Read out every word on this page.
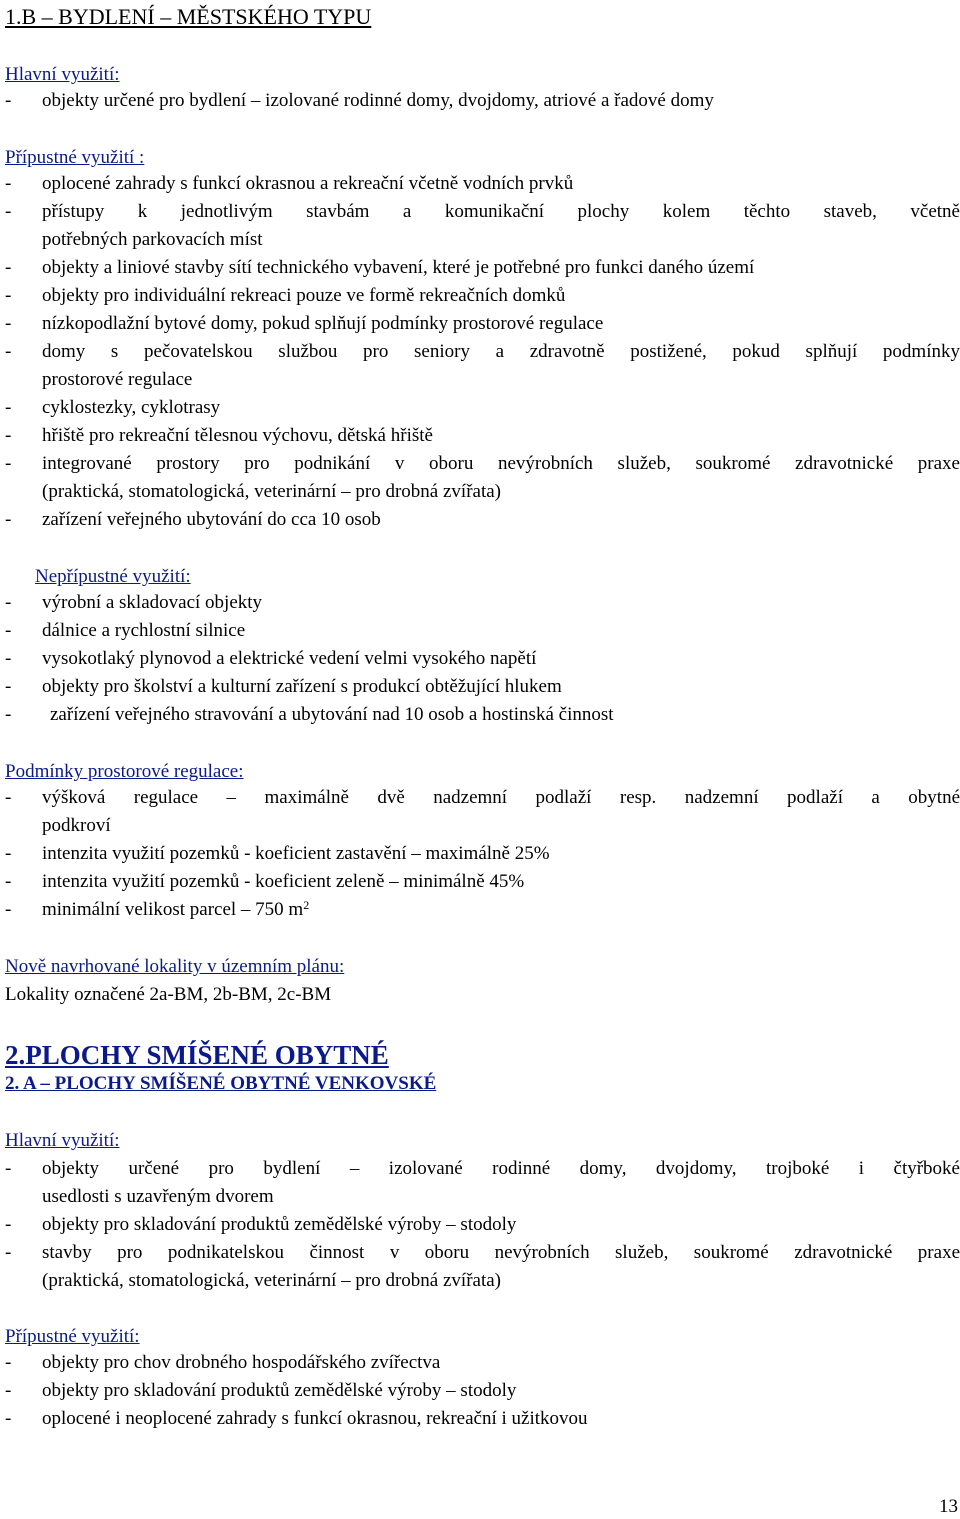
1.B – BYDLENÍ – MĚSTSKÉHO TYPU
Hlavní využití:
- objekty určené pro bydlení – izolované rodinné domy, dvojdomy, atriové a řadové domy
Přípustné využití :
- oplocené zahrady s funkcí okrasnou a rekreační včetně vodních prvků
- přístupy k jednotlivým stavbám a komunikační plochy kolem těchto staveb, včetně
potřebných parkovacích míst
- objekty a liniové stavby sítí technického vybavení, které je potřebné pro funkci daného území
- objekty pro individuální rekreaci pouze ve formě rekreačních domků
- nízkopodlažní bytové domy, pokud splňují podmínky prostorové regulace
- domy s pečovatelskou službou pro seniory a zdravotně postižené, pokud splňují podmínky
prostorové regulace
- cyklostezky, cyklotrasy
- hřiště pro rekreační tělesnou výchovu, dětská hřiště
- integrované prostory pro podnikání v oboru nevýrobních služeb, soukromé zdravotnické praxe
(praktická, stomatologická, veterinární – pro drobná zvířata)
- zařízení veřejného ubytování do cca 10 osob
Nepřípustné využití:
- výrobní a skladovací objekty
- dálnice a rychlostní silnice
- vysokotlaký plynovod a elektrické vedení velmi vysokého napětí
- objekty pro školství a kulturní zařízení s produkcí obtěžující hlukem
- zařízení veřejného stravování a ubytování nad 10 osob a hostinská činnost
Podmínky prostorové regulace:
- výšková regulace – maximálně dvě nadzemní podlaží resp. nadzemní podlaží a obytné
podkroví
- intenzita využití pozemků - koeficient zastavění – maximálně 25%
- intenzita využití pozemků - koeficient zeleně – minimálně 45%
- minimální velikost parcel – 750 $m^2$
Nově navrhované lokality v územním plánu:
Lokality označené 2a-BM, 2b-BM, 2c-BM
2.PLOCHY SMÍŠENÉ OBYTNÉ
2. A – PLOCHY SMÍŠENÉ OBYTNÉ VENKOVSKÉ
Hlavní využití:
- objekty určené pro bydlení – izolované rodinné domy, dvojdomy, trojboké i čtyřboké
usedlosti s uzavřeným dvorem
- objekty pro skladování produktů zemědělské výroby – stodoly
- stavby pro podnikatelskou činnost v oboru nevýrobních služeb, soukromé zdravotnické praxe
(praktická, stomatologická, veterinární – pro drobná zvířata)
Přípustné využití:
- objekty pro chov drobného hospodářského zvířectva
- objekty pro skladování produktů zemědělské výroby – stodoly
- oplocené i neoplocené zahrady s funkcí okrasnou, rekreační i užitkovou
13
